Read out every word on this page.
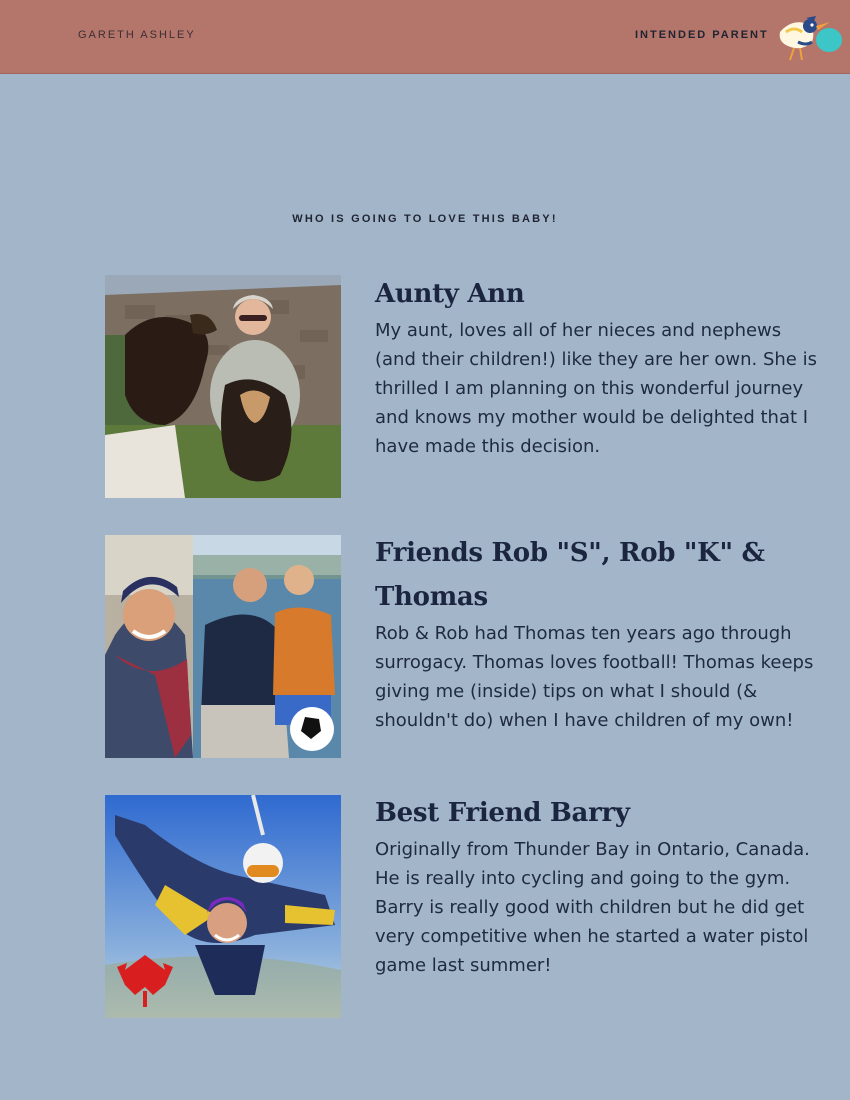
GARETH ASHLEY	INTENDED PARENT
WHO IS GOING TO LOVE THIS BABY!
Aunty Ann

My aunt, loves all of her nieces and nephews (and their children!) like they are her own. She is thrilled I am planning on this wonderful journey and knows my mother would be delighted that I have made this decision.

Friends Rob "S", Rob "K" & Thomas

Rob & Rob had Thomas ten years ago through surrogacy. Thomas loves football! Thomas keeps giving me (inside) tips on what I should (& shouldn't do) when I have children of my own!

Best Friend Barry

Originally from Thunder Bay in Ontario, Canada. He is really into cycling and going to the gym. Barry is really good with children but he did get very competitive when he started a water pistol game last summer!
